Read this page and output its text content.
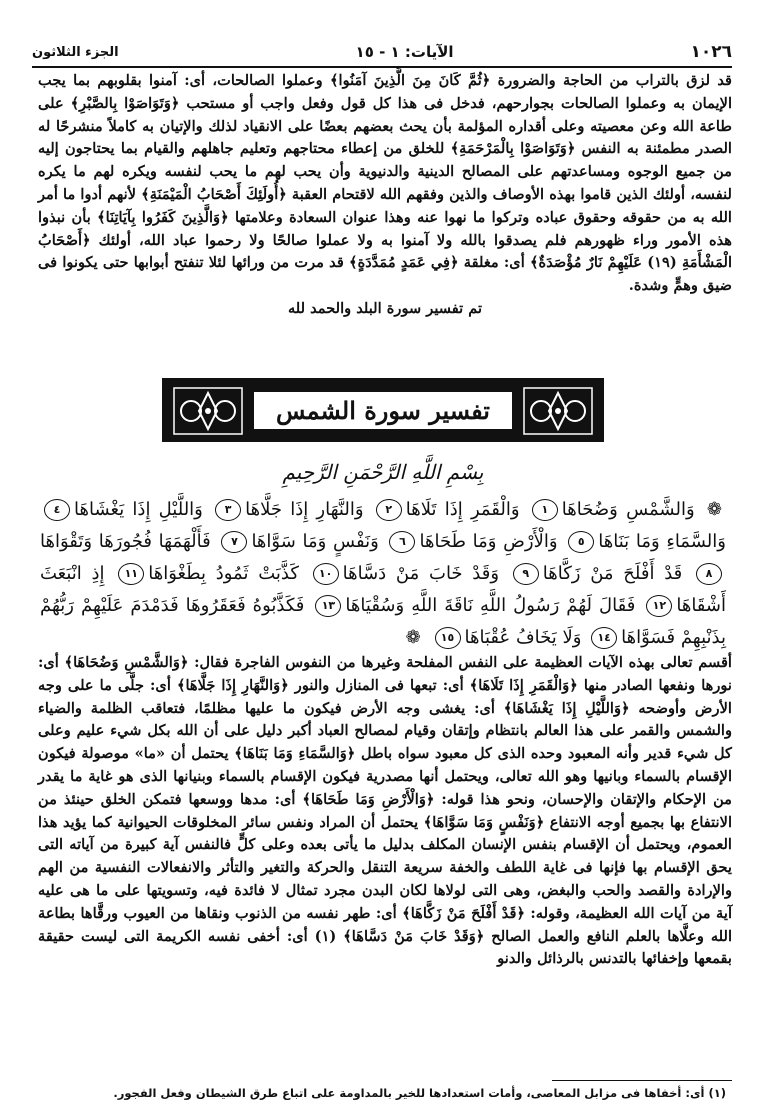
١٠٢٦
الآيات: ١ - ١٥
الجزء الثلاثون

قد لزق بالتراب من الحاجة والضرورة ﴿ثُمَّ كَانَ مِنَ الَّذِينَ آمَنُوا﴾ وعملوا الصالحات، أى: آمنوا بقلوبهم بما يجب الإيمان به وعملوا الصالحات بجوارحهم، فدخل فى هذا كل قول وفعل واجب أو مستحب ﴿وَتَوَاصَوْا بِالصَّبْرِ﴾ على طاعة الله وعن معصيته وعلى أقداره المؤلمة بأن يحث بعضهم بعضًا على الانقياد لذلك والإتيان به كاملاً منشرحًا له الصدر مطمئنة به النفس ﴿وَتَوَاصَوْا بِالْمَرْحَمَةِ﴾ للخلق من إعطاء محتاجهم وتعليم جاهلهم والقيام بما يحتاجون إليه من جميع الوجوه ومساعدتهم على المصالح الدينية والدنيوية وأن يحب لهم ما يحب لنفسه ويكره لهم ما يكره لنفسه، أولئك الذين قاموا بهذه الأوصاف والذين وفقهم الله لاقتحام العقبة ﴿أُولَئِكَ أَصْحَابُ الْمَيْمَنَةِ﴾ لأنهم أدوا ما أمر الله به من حقوقه وحقوق عباده وتركوا ما نهوا عنه وهذا عنوان السعادة وعلامتها ﴿وَالَّذِينَ كَفَرُوا بِآيَاتِنَا﴾ بأن نبذوا هذه الأمور وراء ظهورهم فلم يصدقوا بالله ولا آمنوا به ولا عملوا صالحًا ولا رحموا عباد الله، أولئك ﴿أَصْحَابُ الْمَشْأَمَةِ (١٩) عَلَيْهِمْ نَارٌ مُؤْصَدَةٌ﴾ أى: مغلقة ﴿فِي عَمَدٍ مُمَدَّدَةٍ﴾ قد مرت من ورائها لئلا تنفتح أبوابها حتى يكونوا فى ضيق وهمٍّ وشدة.

تم تفسير سورة البلد والحمد لله

تفسير سورة الشمس
بِسْمِ اللَّهِ الرَّحْمَنِ الرَّحِيمِ
❁ وَالشَّمْسِ وَضُحَاهَا١ وَالْقَمَرِ إِذَا تَلَاهَا٢ وَالنَّهَارِ إِذَا جَلَّاهَا٣ وَاللَّيْلِ إِذَا يَغْشَاهَا٤ وَالسَّمَاءِ وَمَا بَنَاهَا٥ وَالْأَرْضِ وَمَا طَحَاهَا٦ وَنَفْسٍ وَمَا سَوَّاهَا٧ فَأَلْهَمَهَا فُجُورَهَا وَتَقْوَاهَا٨ قَدْ أَفْلَحَ مَنْ زَكَّاهَا٩ وَقَدْ خَابَ مَنْ دَسَّاهَا١٠ كَذَّبَتْ ثَمُودُ بِطَغْوَاهَا١١ إِذِ انْبَعَثَ أَشْقَاهَا١٢ فَقَالَ لَهُمْ رَسُولُ اللَّهِ نَاقَةَ اللَّهِ وَسُقْيَاهَا١٣ فَكَذَّبُوهُ فَعَقَرُوهَا فَدَمْدَمَ عَلَيْهِمْ رَبُّهُمْ بِذَنْبِهِمْ فَسَوَّاهَا١٤ وَلَا يَخَافُ عُقْبَاهَا١٥ ❁

أقسم تعالى بهذه الآيات العظيمة على النفس المفلحة وغيرها من النفوس الفاجرة فقال: ﴿وَالشَّمْسِ وَضُحَاهَا﴾ أى: نورها ونفعها الصادر منها ﴿وَالْقَمَرِ إِذَا تَلَاهَا﴾ أى: تبعها فى المنازل والنور ﴿وَالنَّهَارِ إِذَا جَلَّاهَا﴾ أى: جلَّى ما على وجه الأرض وأوضحه ﴿وَاللَّيْلِ إِذَا يَغْشَاهَا﴾ أى: يغشى وجه الأرض فيكون ما عليها مظلمًا، فتعاقب الظلمة والضياء والشمس والقمر على هذا العالم بانتظام وإتقان وقيام لمصالح العباد أكبر دليل على أن الله بكل شيء عليم وعلى كل شيء قدير وأنه المعبود وحده الذى كل معبود سواه باطل ﴿وَالسَّمَاءِ وَمَا بَنَاهَا﴾ يحتمل أن «ما» موصولة فيكون الإقسام بالسماء وبانيها وهو الله تعالى، ويحتمل أنها مصدرية فيكون الإقسام بالسماء وبنيانها الذى هو غاية ما يقدر من الإحكام والإتقان والإحسان، ونحو هذا قوله: ﴿وَالْأَرْضِ وَمَا طَحَاهَا﴾ أى: مدها ووسعها فتمكن الخلق حينئذ من الانتفاع بها بجميع أوجه الانتفاع ﴿وَنَفْسٍ وَمَا سَوَّاهَا﴾ يحتمل أن المراد ونفس سائر المخلوقات الحيوانية كما يؤيد هذا العموم، ويحتمل أن الإقسام بنفس الإنسان المكلف بدليل ما يأتى بعده وعلى كلٍّ فالنفس آية كبيرة من آياته التى يحق الإقسام بها فإنها فى غاية اللطف والخفة سريعة التنقل والحركة والتغير والتأثر والانفعالات النفسية من الهم والإرادة والقصد والحب والبغض، وهى التى لولاها لكان البدن مجرد تمثال لا فائدة فيه، وتسويتها على ما هى عليه آية من آيات الله العظيمة، وقوله: ﴿قَدْ أَفْلَحَ مَنْ زَكَّاهَا﴾ أى: طهر نفسه من الذنوب ونقاها من العيوب ورقَّاها بطاعة الله وعلَّاها بالعلم النافع والعمل الصالح ﴿وَقَدْ خَابَ مَنْ دَسَّاهَا﴾ (١) أى: أخفى نفسه الكريمة التى ليست حقيقة بقمعها وإخفائها بالتدنس بالرذائل والدنو

(١) أى: أخفاها فى مزابل المعاصى، وأمات استعدادها للخير بالمداومة على اتباع طرق الشيطان وفعل الفجور.
